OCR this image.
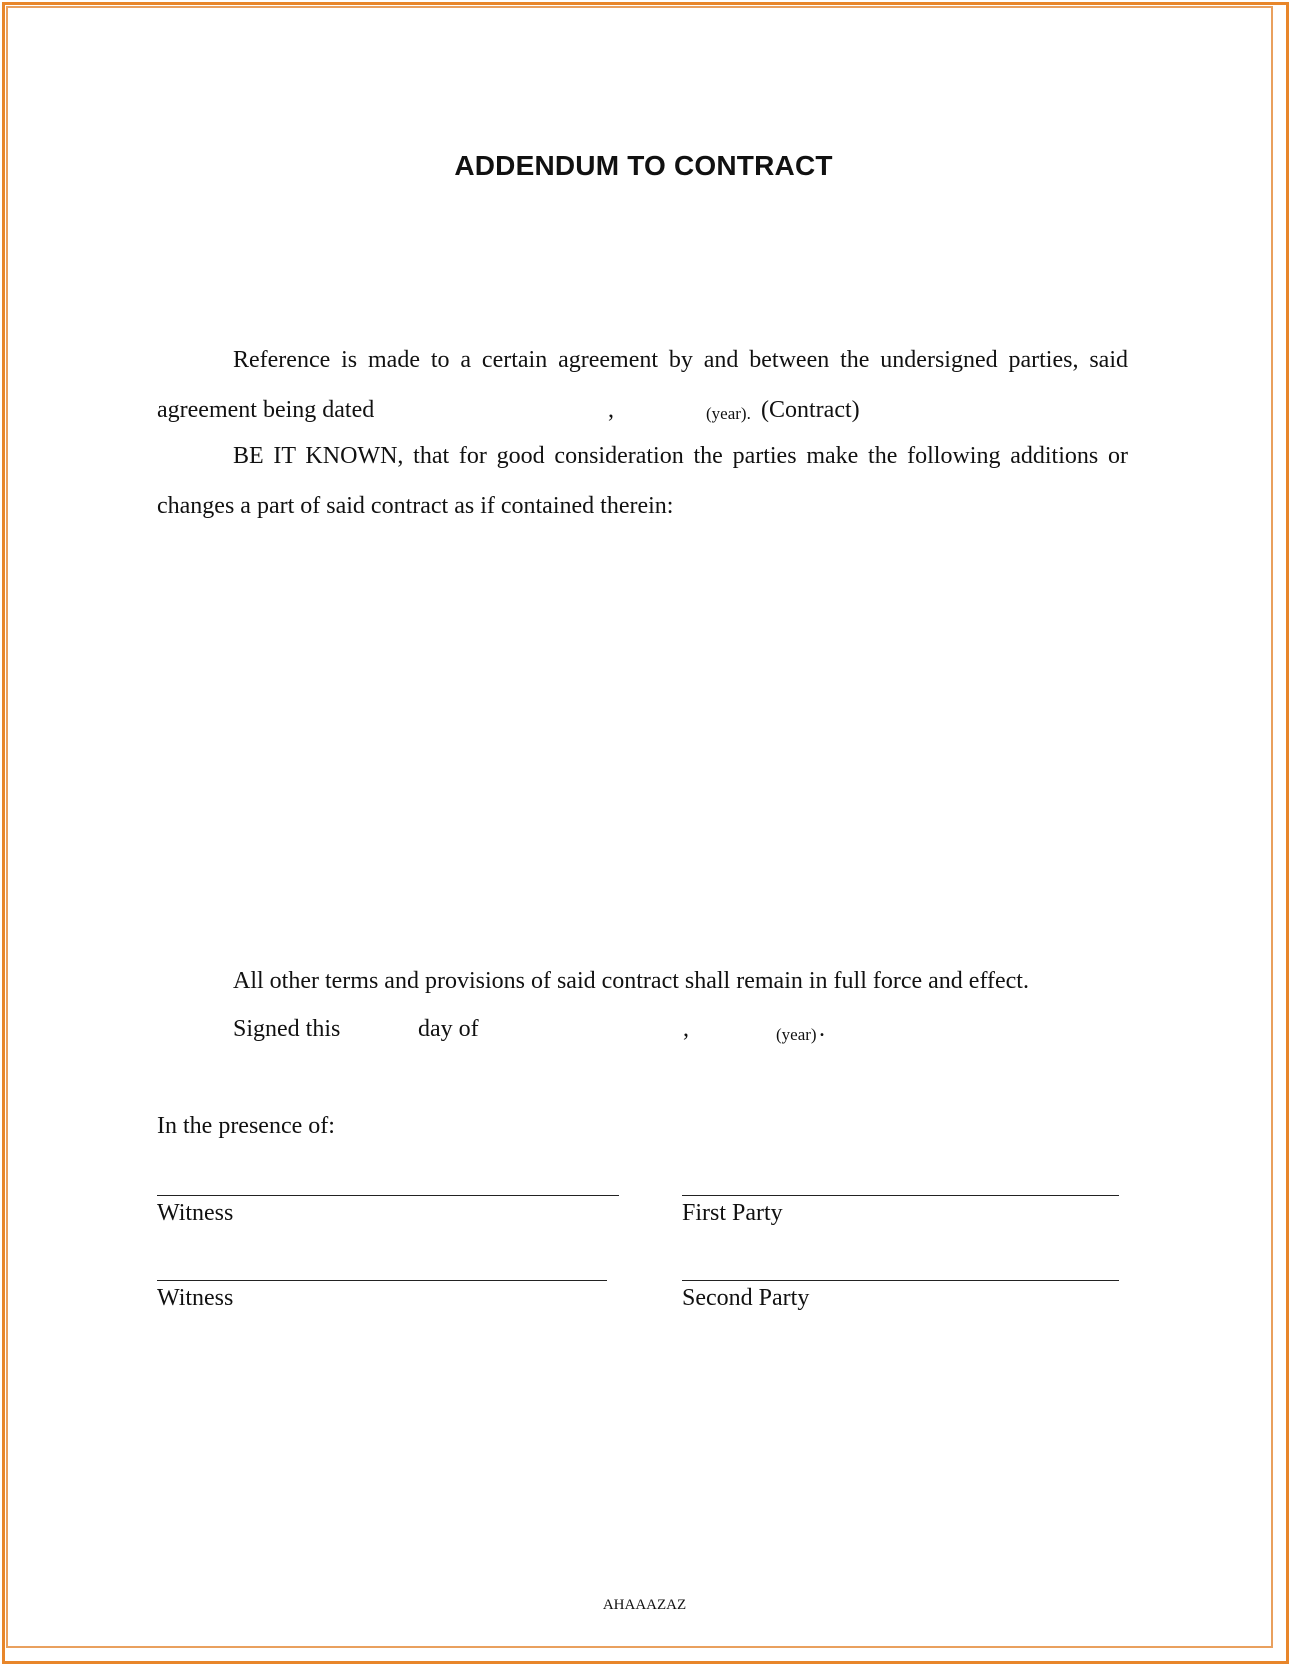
ADDENDUM TO CONTRACT
Reference is made to a certain agreement by and between the undersigned parties, said
agreement being dated	,	(year). (Contract)
BE IT KNOWN, that for good consideration the parties make the following additions or
changes a part of said contract as if contained therein:
All other terms and provisions of said contract shall remain in full force and effect.
Signed this	day of	,	(year) .
In the presence of:
Witness	First Party
Witness	Second Party
AHAAAZAZ
